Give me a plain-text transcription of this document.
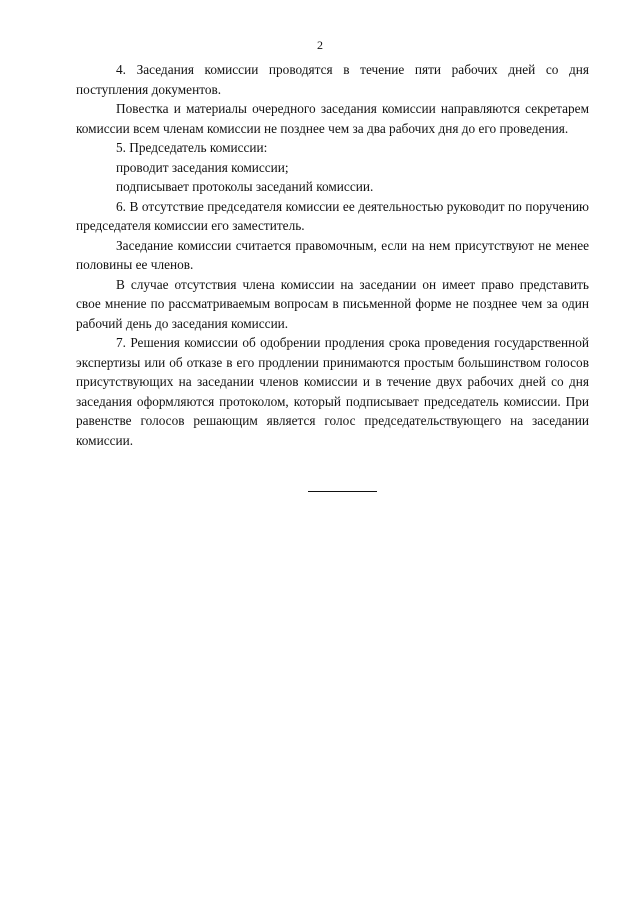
2

4. Заседания комиссии проводятся в течение пяти рабочих дней со дня поступления документов.

Повестка и материалы очередного заседания комиссии направляются секретарем комиссии всем членам комиссии не позднее чем за два рабочих дня до его проведения.

5. Председатель комиссии:

проводит заседания комиссии;

подписывает протоколы заседаний комиссии.

6. В отсутствие председателя комиссии ее деятельностью руководит по поручению председателя комиссии его заместитель.

Заседание комиссии считается правомочным, если на нем присутствуют не менее половины ее членов.

В случае отсутствия члена комиссии на заседании он имеет право представить свое мнение по рассматриваемым вопросам в письменной форме не позднее чем за один рабочий день до заседания комиссии.

7. Решения комиссии об одобрении продления срока проведения государственной экспертизы или об отказе в его продлении принимаются простым большинством голосов присутствующих на заседании членов комиссии и в течение двух рабочих дней со дня заседания оформляются протоколом, который подписывает председатель комиссии. При равенстве голосов решающим является голос председательствующего на заседании комиссии.
